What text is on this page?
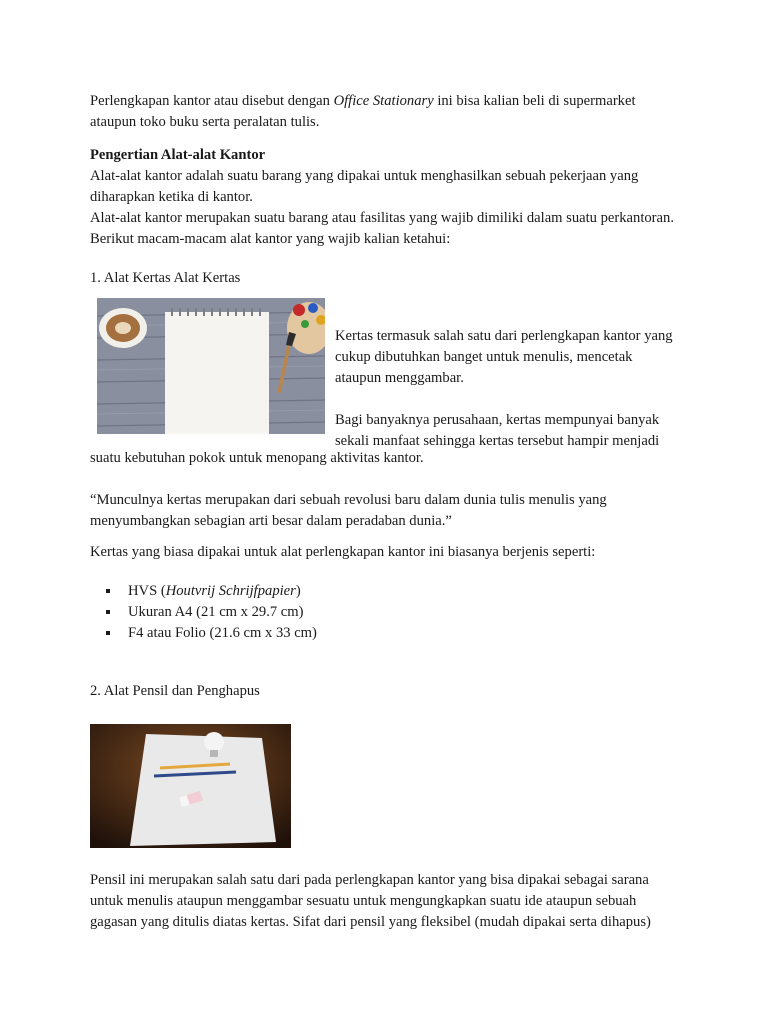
Perlengkapan kantor atau disebut dengan Office Stationary ini bisa kalian beli di supermarket ataupun toko buku serta peralatan tulis.

Pengertian Alat-alat Kantor

Alat-alat kantor adalah suatu barang yang dipakai untuk menghasilkan sebuah pekerjaan yang diharapkan ketika di kantor.

Alat-alat kantor merupakan suatu barang atau fasilitas yang wajib dimiliki dalam suatu perkantoran. Berikut macam-macam alat kantor yang wajib kalian ketahui:

1. Alat Kertas Alat Kertas

Kertas termasuk salah satu dari perlengkapan kantor yang cukup dibutuhkan banget untuk menulis, mencetak ataupun menggambar.

Bagi banyaknya perusahaan, kertas mempunyai banyak sekali manfaat sehingga kertas tersebut hampir menjadi

suatu kebutuhan pokok untuk menopang aktivitas kantor.

“Munculnya kertas merupakan dari sebuah revolusi baru dalam dunia tulis menulis yang menyumbangkan sebagian arti besar dalam peradaban dunia.”

Kertas yang biasa dipakai untuk alat perlengkapan kantor ini biasanya berjenis seperti:

HVS (Houtvrij Schrijfpapier)
Ukuran A4 (21 cm x 29.7 cm)
F4 atau Folio (21.6 cm x 33 cm)

2. Alat Pensil dan Penghapus

Pensil ini merupakan salah satu dari pada perlengkapan kantor yang bisa dipakai sebagai sarana untuk menulis ataupun menggambar sesuatu untuk mengungkapkan suatu ide ataupun sebuah gagasan yang ditulis diatas kertas. Sifat dari pensil yang fleksibel (mudah dipakai serta dihapus)
